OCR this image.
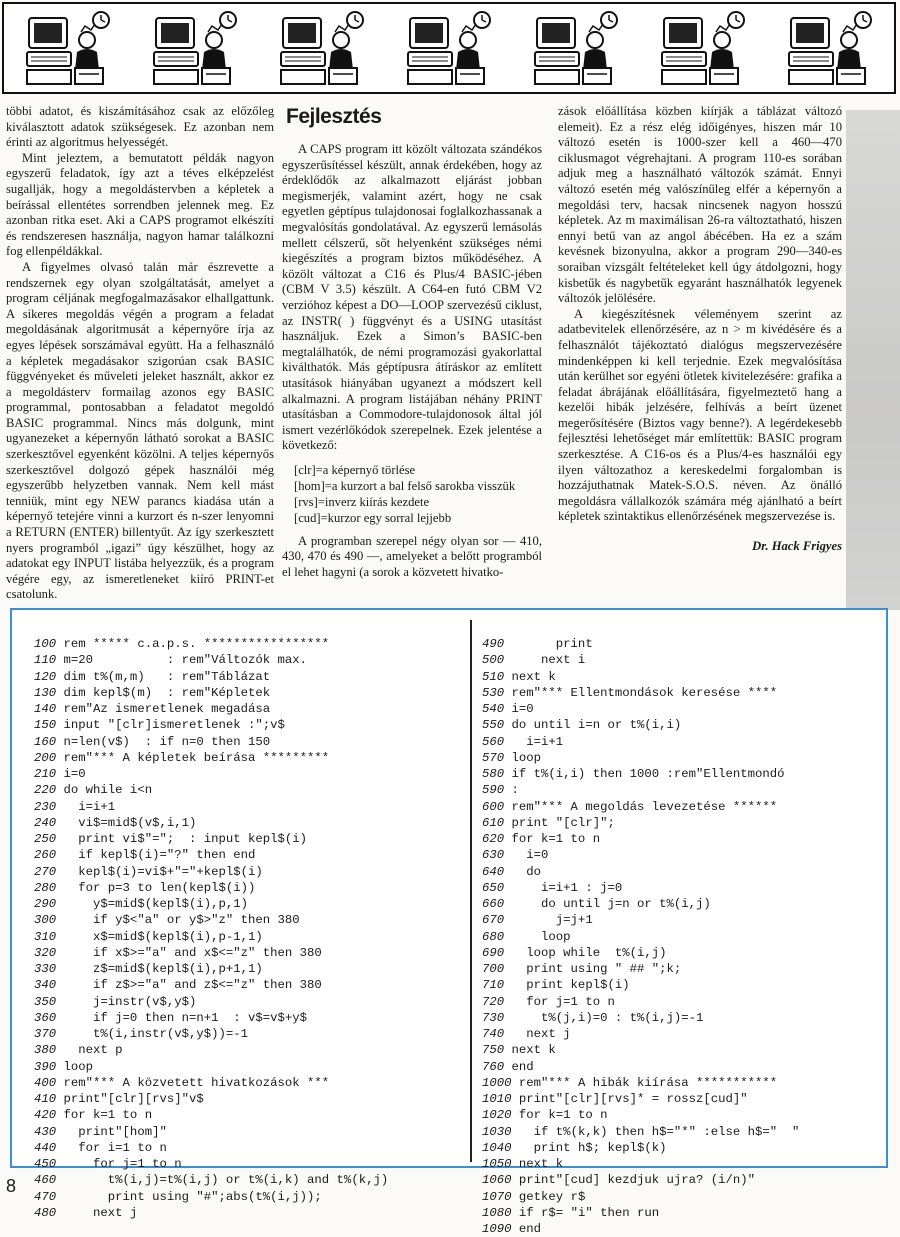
többi adatot, és kiszámításához csak az előzőleg kiválasztott adatok szükségesek. Ez azonban nem érinti az algoritmus helyességét.

Mint jeleztem, a bemutatott példák nagyon egyszerű feladatok, így azt a téves elképzelést sugallják, hogy a megoldástervben a képletek a beírással ellentétes sorrendben jelennek meg. Ez azonban ritka eset. Aki a CAPS programot elkészíti és rendszeresen használja, nagyon hamar találkozni fog ellenpéldákkal.

A figyelmes olvasó talán már észrevette a rendszernek egy olyan szolgáltatását, amelyet a program céljának megfogalmazásakor elhallgattunk. A sikeres megoldás végén a program a feladat megoldásának algoritmusát a képernyőre írja az egyes lépések sorszámával együtt. Ha a felhasználó a képletek megadásakor szigorúan csak BASIC függvényeket és műveleti jeleket használt, akkor ez a megoldásterv formailag azonos egy BASIC programmal, pontosabban a feladatot megoldó BASIC programmal. Nincs más dolgunk, mint ugyanezeket a képernyőn látható sorokat a BASIC szerkesztővel egyenként közölni. A teljes képernyős szerkesztővel dolgozó gépek használói még egyszerűbb helyzetben vannak. Nem kell mást tenniük, mint egy NEW parancs kiadása után a képernyő tetejére vinni a kurzort és n-szer lenyomni a RETURN (ENTER) billentyűt. Az így szerkesztett nyers programból „igazi” úgy készülhet, hogy az adatokat egy INPUT listába helyezzük, és a program végére egy, az ismeretleneket kiíró PRINT-et csatolunk.

Fejlesztés

A CAPS program itt közölt változata szándékos egyszerűsítéssel készült, annak érdekében, hogy az érdeklődők az alkalmazott eljárást jobban megismerjék, valamint azért, hogy ne csak egyetlen géptípus tulajdonosai foglalkozhassanak a megvalósítás gondolatával. Az egyszerű lemásolás mellett célszerű, sőt helyenként szükséges némi kiegészítés a program biztos működéséhez. A közölt változat a C16 és Plus/4 BASIC-jében (CBM V 3.5) készült. A C64-en futó CBM V2 verzióhoz képest a DO—LOOP szervezésű ciklust, az INSTR( ) függvényt és a USING utasítást használjuk. Ezek a Simon’s BASIC-ben megtalálhatók, de némi programozási gyakorlattal kiválthatók. Más géptípusra átíráskor az említett utasítások hiányában ugyanezt a módszert kell alkalmazni. A program listájában néhány PRINT utasításban a Commodore-tulajdonosok által jól ismert vezérlőkódok szerepelnek. Ezek jelentése a következő:

[clr]=a képernyő törlése
[hom]=a kurzort a bal felső sarokba visszük
[rvs]=inverz kiírás kezdete
[cud]=kurzor egy sorral lejjebb

A programban szerepel négy olyan sor — 410, 430, 470 és 490 —, amelyeket a belőtt programból el lehet hagyni (a sorok a közvetett hivatko-

zások előállítása közben kiírják a táblázat változó elemeit). Ez a rész elég időigényes, hiszen már 10 változó esetén is 1000-szer kell a 460—470 ciklusmagot végrehajtani. A program 110-es sorában adjuk meg a használható változók számát. Ennyi változó esetén még valószínűleg elfér a képernyőn a megoldási terv, hacsak nincsenek nagyon hosszú képletek. Az m maximálisan 26-ra változtatható, hiszen ennyi betű van az angol ábécében. Ha ez a szám kevésnek bizonyulna, akkor a program 290—340-es soraiban vizsgált feltételeket kell úgy átdolgozni, hogy kisbetűk és nagybetűk egyaránt használhatók legyenek változók jelölésére.

A kiegészítésnek véleményem szerint az adatbevitelek ellenőrzésére, az n > m kivédésére és a felhasználót tájékoztató dialógus megszervezésére mindenképpen ki kell terjednie. Ezek megvalósítása után kerülhet sor egyéni ötletek kivitelezésére: grafika a feladat ábrájának előállítására, figyelmeztető hang a kezelői hibák jelzésére, felhívás a beírt üzenet megerősítésére (Biztos vagy benne?). A legérdekesebb fejlesztési lehetőséget már említettük: BASIC program szerkesztése. A C16-os és a Plus/4-es használói egy ilyen változathoz a kereskedelmi forgalomban is hozzájuthatnak Matek-S.O.S. néven. Az önálló megoldásra vállalkozók számára még ajánlható a beírt képletek szintaktikus ellenőrzésének megszervezése is.

Dr. Hack Frigyes
100 rem ***** c.a.p.s. *****************
110 m=20          : rem"Változók max.
120 dim t%(m,m)   : rem"Táblázat
130 dim kepl$(m)  : rem"Képletek
140 rem"Az ismeretlenek megadása
150 input "[clr]ismeretlenek :";v$
160 n=len(v$)  : if n=0 then 150
200 rem"*** A képletek beírása *********
210 i=0
220 do while i<n
230   i=i+1
240   vi$=mid$(v$,i,1)
250   print vi$"=";  : input kepl$(i)
260   if kepl$(i)="?" then end
270   kepl$(i)=vi$+"="+kepl$(i)
280   for p=3 to len(kepl$(i))
290     y$=mid$(kepl$(i),p,1)
300     if y$<"a" or y$>"z" then 380
310     x$=mid$(kepl$(i),p-1,1)
320     if x$>="a" and x$<="z" then 380
330     z$=mid$(kepl$(i),p+1,1)
340     if z$>="a" and z$<="z" then 380
350     j=instr(v$,y$)
360     if j=0 then n=n+1  : v$=v$+y$
370     t%(i,instr(v$,y$))=-1
380   next p
390 loop
400 rem"*** A közvetett hivatkozások ***
410 print"[clr][rvs]"v$
420 for k=1 to n
430   print"[hom]"
440   for i=1 to n
450     for j=1 to n
460       t%(i,j)=t%(i,j) or t%(i,k) and t%(k,j)
470       print using "#";abs(t%(i,j));
480     next j
490       print
500     next i
510 next k
530 rem"*** Ellentmondások keresése ****
540 i=0
550 do until i=n or t%(i,i)
560   i=i+1
570 loop
580 if t%(i,i) then 1000 :rem"Ellentmondó
590 :
600 rem"*** A megoldás levezetése ******
610 print "[clr]";
620 for k=1 to n
630   i=0
640   do
650     i=i+1 : j=0
660     do until j=n or t%(i,j)
670       j=j+1
680     loop
690   loop while  t%(i,j)
700   print using " ## ";k;
710   print kepl$(i)
720   for j=1 to n
730     t%(j,i)=0 : t%(i,j)=-1
740   next j
750 next k
760 end
1000 rem"*** A hibák kiírása ***********
1010 print"[clr][rvs]* = rossz[cud]"
1020 for k=1 to n
1030   if t%(k,k) then h$="*" :else h$="  "
1040   print h$; kepl$(k)
1050 next k
1060 print"[cud] kezdjuk ujra? (i/n)"
1070 getkey r$
1080 if r$= "i" then run
1090 end
8
